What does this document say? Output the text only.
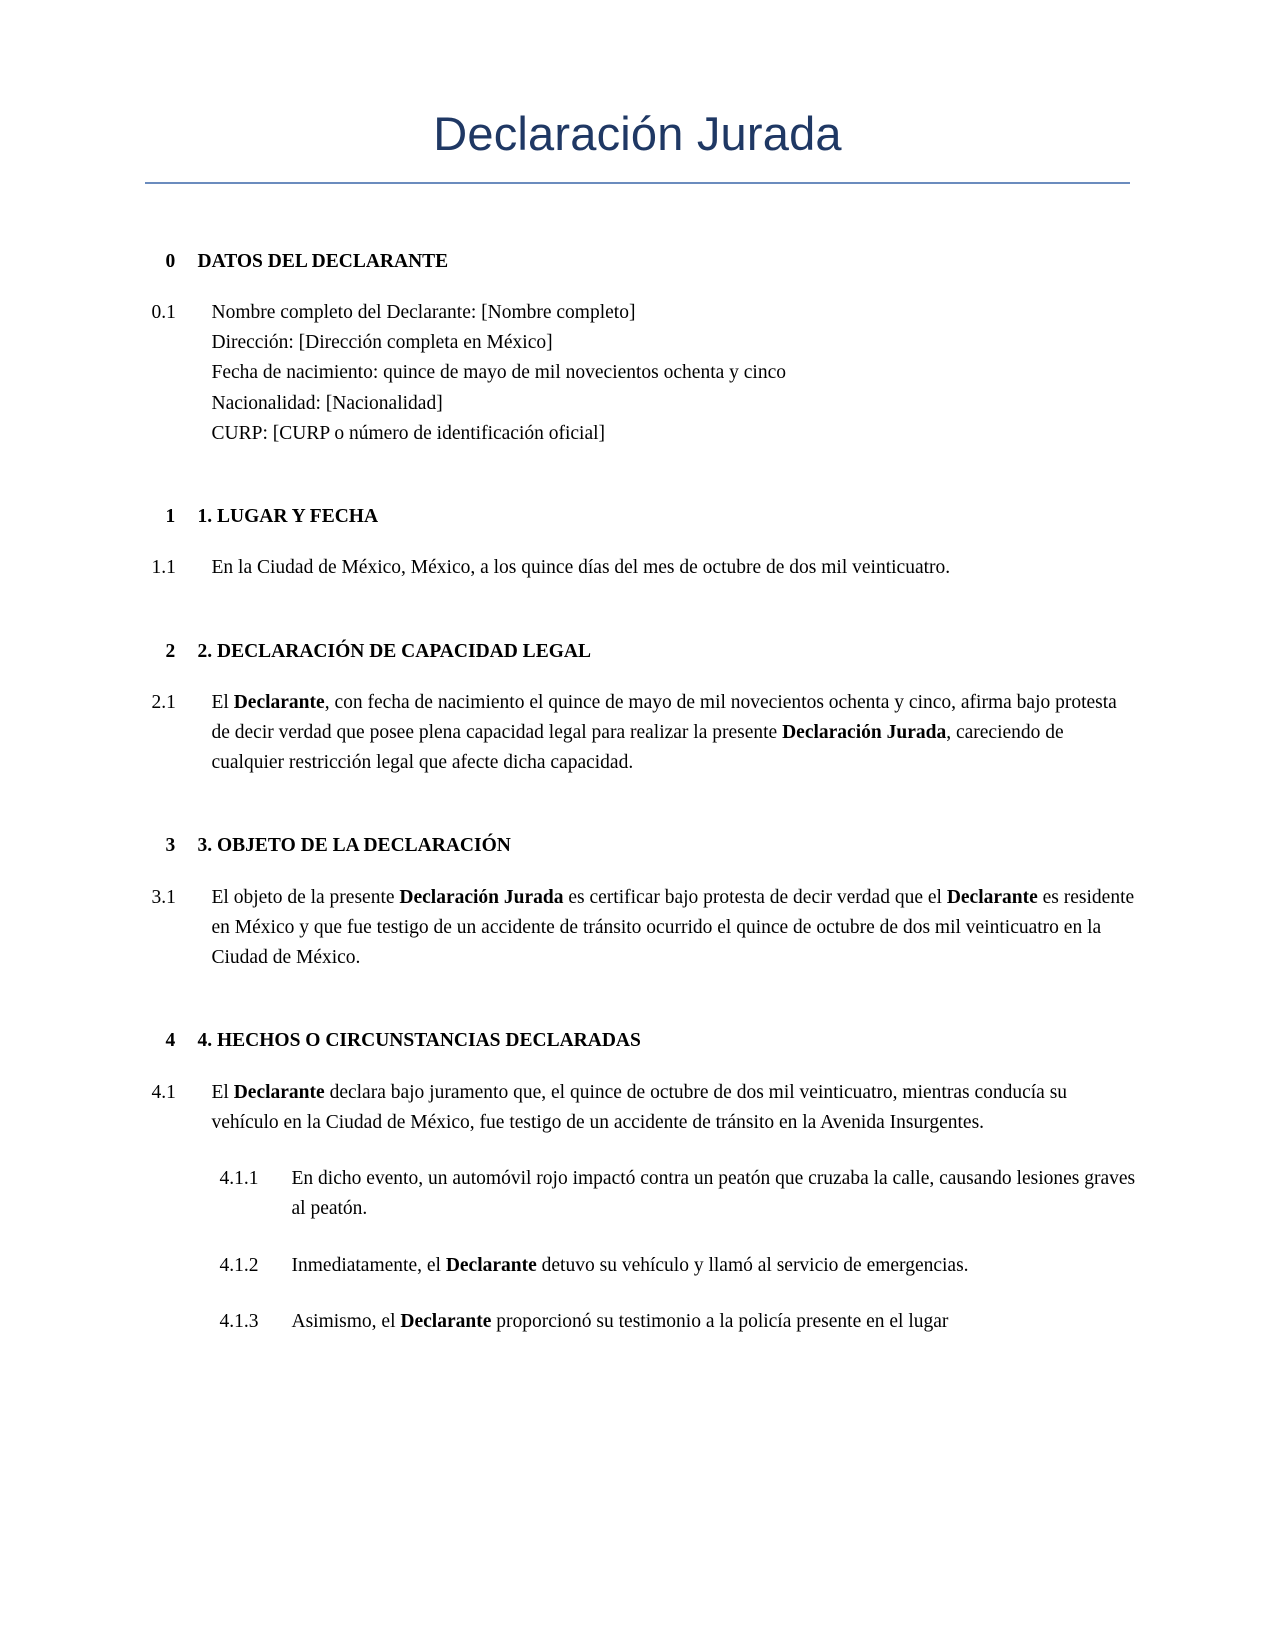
Declaración Jurada
0	DATOS DEL DECLARANTE
0.1	Nombre completo del Declarante: [Nombre completo]
Dirección: [Dirección completa en México]
Fecha de nacimiento: quince de mayo de mil novecientos ochenta y cinco
Nacionalidad: [Nacionalidad]
CURP: [CURP o número de identificación oficial]
1	1. LUGAR Y FECHA
1.1	En la Ciudad de México, México, a los quince días del mes de octubre de dos mil veinticuatro.
2	2. DECLARACIÓN DE CAPACIDAD LEGAL
2.1	El Declarante, con fecha de nacimiento el quince de mayo de mil novecientos ochenta y cinco, afirma bajo protesta de decir verdad que posee plena capacidad legal para realizar la presente Declaración Jurada, careciendo de cualquier restricción legal que afecte dicha capacidad.
3	3. OBJETO DE LA DECLARACIÓN
3.1	El objeto de la presente Declaración Jurada es certificar bajo protesta de decir verdad que el Declarante es residente en México y que fue testigo de un accidente de tránsito ocurrido el quince de octubre de dos mil veinticuatro en la Ciudad de México.
4	4. HECHOS O CIRCUNSTANCIAS DECLARADAS
4.1	El Declarante declara bajo juramento que, el quince de octubre de dos mil veinticuatro, mientras conducía su vehículo en la Ciudad de México, fue testigo de un accidente de tránsito en la Avenida Insurgentes.
4.1.1	En dicho evento, un automóvil rojo impactó contra un peatón que cruzaba la calle, causando lesiones graves al peatón.
4.1.2	Inmediatamente, el Declarante detuvo su vehículo y llamó al servicio de emergencias.
4.1.3	Asimismo, el Declarante proporcionó su testimonio a la policía presente en el lugar
